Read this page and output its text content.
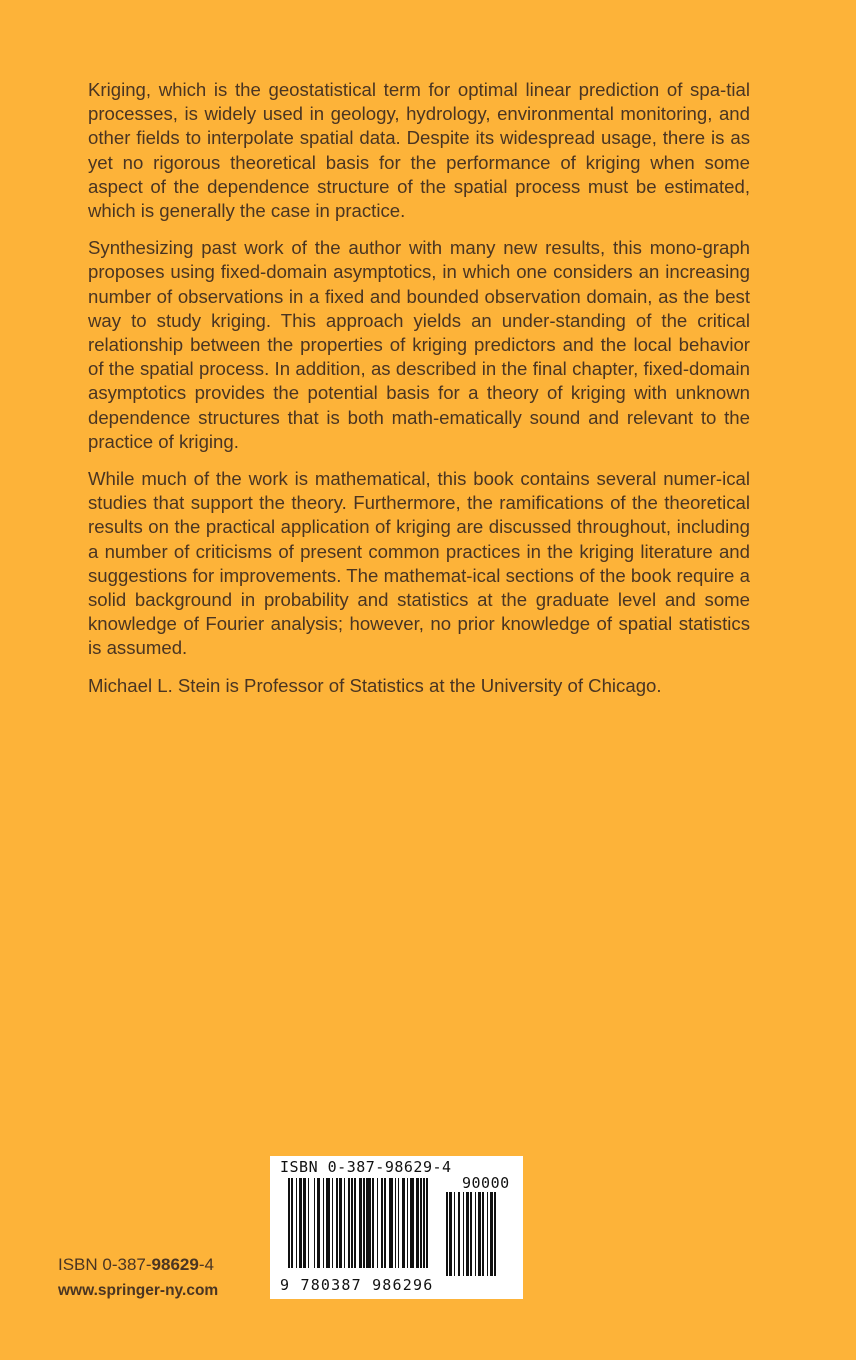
Kriging, which is the geostatistical term for optimal linear prediction of spa-​tial processes, is widely used in geology, hydrology, environmental monitoring, and other fields to interpolate spatial data. Despite its widespread usage, there is as yet no rigorous theoretical basis for the performance of kriging when some aspect of the dependence structure of the spatial process must be estimated, which is generally the case in practice.

Synthesizing past work of the author with many new results, this mono-​graph proposes using fixed-domain asymptotics, in which one considers an increasing number of observations in a fixed and bounded observation domain, as the best way to study kriging. This approach yields an under-​standing of the critical relationship between the properties of kriging predictors and the local behavior of the spatial process. In addition, as described in the final chapter, fixed-domain asymptotics provides the potential basis for a theory of kriging with unknown dependence structures that is both math-​ematically sound and relevant to the practice of kriging.

While much of the work is mathematical, this book contains several numer-​ical studies that support the theory. Furthermore, the ramifications of the theoretical results on the practical application of kriging are discussed throughout, including a number of criticisms of present common practices in the kriging literature and suggestions for improvements. The mathemat-​ical sections of the book require a solid background in probability and statistics at the graduate level and some knowledge of Fourier analysis; however, no prior knowledge of spatial statistics is assumed.

Michael L. Stein is Professor of Statistics at the University of Chicago.

ISBN 0-387-98629-4
www.springer-ny.com
ISBN 0-387-98629-4
90000
9 780387 986296
